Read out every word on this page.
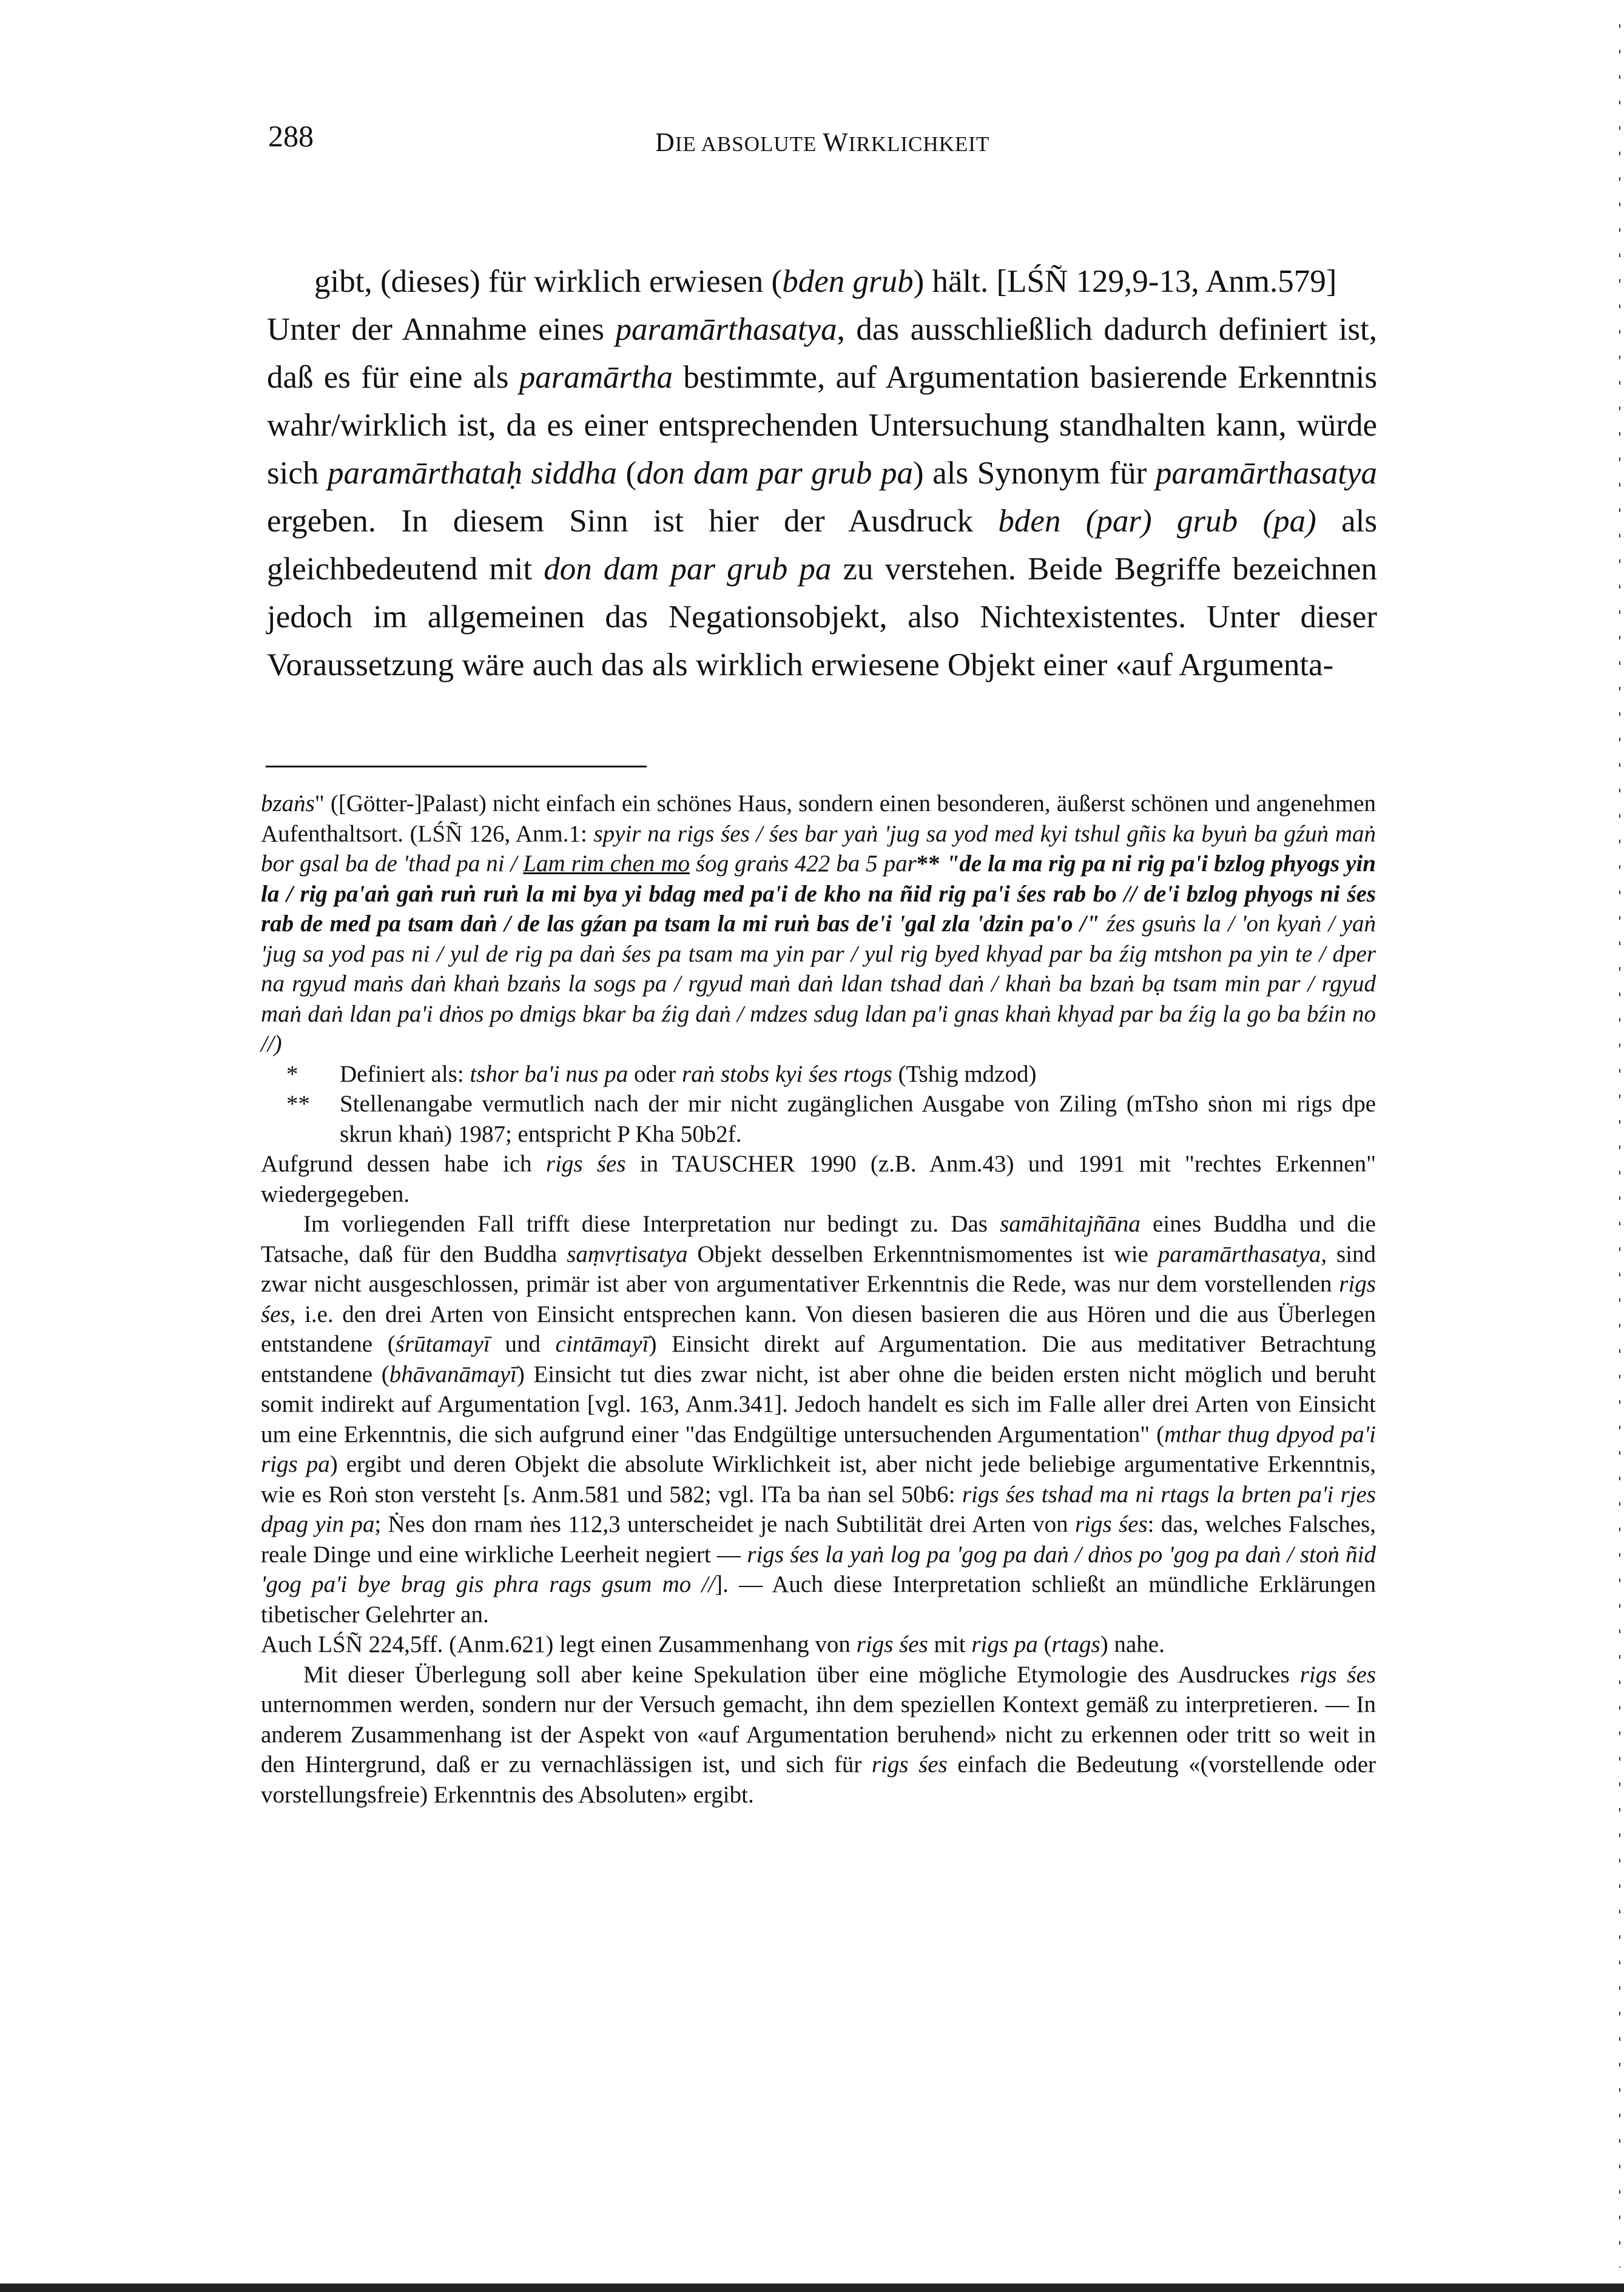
288	DIE ABSOLUTE WIRKLICHKEIT

gibt, (dieses) für wirklich erwiesen (bden grub) hält. [LŚÑ 129,9-13, Anm.579]

Unter der Annahme eines paramārthasatya, das ausschließlich dadurch definiert ist, daß es für eine als paramārtha bestimmte, auf Argumentation basierende Erkenntnis wahr/wirklich ist, da es einer entsprechenden Untersuchung standhalten kann, würde sich paramārthataḥ siddha (don dam par grub pa) als Synonym für paramārthasatya ergeben. In diesem Sinn ist hier der Ausdruck bden (par) grub (pa) als gleichbedeutend mit don dam par grub pa zu verstehen. Beide Begriffe bezeichnen jedoch im allgemeinen das Negationsobjekt, also Nichtexistentes. Unter dieser Voraussetzung wäre auch das als wirklich erwiesene Objekt einer «auf Argumenta-

bzaṅs" ([Götter-]Palast) nicht einfach ein schönes Haus, sondern einen besonderen, äußerst schönen und angenehmen Aufenthaltsort. (LŚÑ 126, Anm.1: spyir na rigs śes / śes bar yaṅ 'jug sa yod med kyi tshul gñis ka byuṅ ba gźuṅ maṅ bor gsal ba de 'thad pa ni / Lam rim chen mo śog graṅs 422 ba 5 par** "de la ma rig pa ni rig pa'i bzlog phyogs yin la / rig pa'aṅ gaṅ ruṅ ruṅ la mi bya yi bdag med pa'i de kho na ñid rig pa'i śes rab bo // de'i bzlog phyogs ni śes rab de med pa tsam daṅ / de las gźan pa tsam la mi ruṅ bas de'i 'gal zla 'dzin pa'o /" źes gsuṅs la / 'on kyaṅ / yaṅ 'jug sa yod pas ni / yul de rig pa daṅ śes pa tsam ma yin par / yul rig byed khyad par ba źig mtshon pa yin te / dper na rgyud maṅs daṅ khaṅ bzaṅs la sogs pa / rgyud maṅ daṅ ldan tshad daṅ / khaṅ ba bzaṅ bạ tsam min par / rgyud maṅ daṅ ldan pa'i dṅos po dmigs bkar ba źig daṅ / mdzes sdug ldan pa'i gnas khaṅ khyad par ba źig la go ba bźin no //)

* Definiert als: tshor ba'i nus pa oder raṅ stobs kyi śes rtogs (Tshig mdzod)

** Stellenangabe vermutlich nach der mir nicht zugänglichen Ausgabe von Ziling (mTsho sṅon mi rigs dpe skrun khaṅ) 1987; entspricht P Kha 50b2f.

Aufgrund dessen habe ich rigs śes in TAUSCHER 1990 (z.B. Anm.43) und 1991 mit "rechtes Erkennen" wiedergegeben.

Im vorliegenden Fall trifft diese Interpretation nur bedingt zu. Das samāhitajñāna eines Buddha und die Tatsache, daß für den Buddha saṃvṛtisatya Objekt desselben Erkenntnismomentes ist wie paramārthasatya, sind zwar nicht ausgeschlossen, primär ist aber von argumentativer Erkenntnis die Rede, was nur dem vorstellenden rigs śes, i.e. den drei Arten von Einsicht entsprechen kann. Von diesen basieren die aus Hören und die aus Überlegen entstandene (śrūtamayī und cintāmayī) Einsicht direkt auf Argumentation. Die aus meditativer Betrachtung entstandene (bhāvanāmayī) Einsicht tut dies zwar nicht, ist aber ohne die beiden ersten nicht möglich und beruht somit indirekt auf Argumentation [vgl. 163, Anm.341]. Jedoch handelt es sich im Falle aller drei Arten von Einsicht um eine Erkenntnis, die sich aufgrund einer "das Endgültige untersuchenden Argumentation" (mthar thug dpyod pa'i rigs pa) ergibt und deren Objekt die absolute Wirklichkeit ist, aber nicht jede beliebige argumentative Erkenntnis, wie es Roṅ ston versteht [s. Anm.581 und 582; vgl. lTa ba ṅan sel 50b6: rigs śes tshad ma ni rtags la brten pa'i rjes dpag yin pa; Ṅes don rnam ṅes 112,3 unterscheidet je nach Subtilität drei Arten von rigs śes: das, welches Falsches, reale Dinge und eine wirkliche Leerheit negiert — rigs śes la yaṅ log pa 'gog pa daṅ / dṅos po 'gog pa daṅ / stoṅ ñid 'gog pa'i bye brag gis phra rags gsum mo //]. — Auch diese Interpretation schließt an mündliche Erklärungen tibetischer Gelehrter an.

Auch LŚÑ 224,5ff. (Anm.621) legt einen Zusammenhang von rigs śes mit rigs pa (rtags) nahe.

Mit dieser Überlegung soll aber keine Spekulation über eine mögliche Etymologie des Ausdruckes rigs śes unternommen werden, sondern nur der Versuch gemacht, ihn dem speziellen Kontext gemäß zu interpretieren. — In anderem Zusammenhang ist der Aspekt von «auf Argumentation beruhend» nicht zu erkennen oder tritt so weit in den Hintergrund, daß er zu vernachlässigen ist, und sich für rigs śes einfach die Bedeutung «(vorstellende oder vorstellungsfreie) Erkenntnis des Absoluten» ergibt.
